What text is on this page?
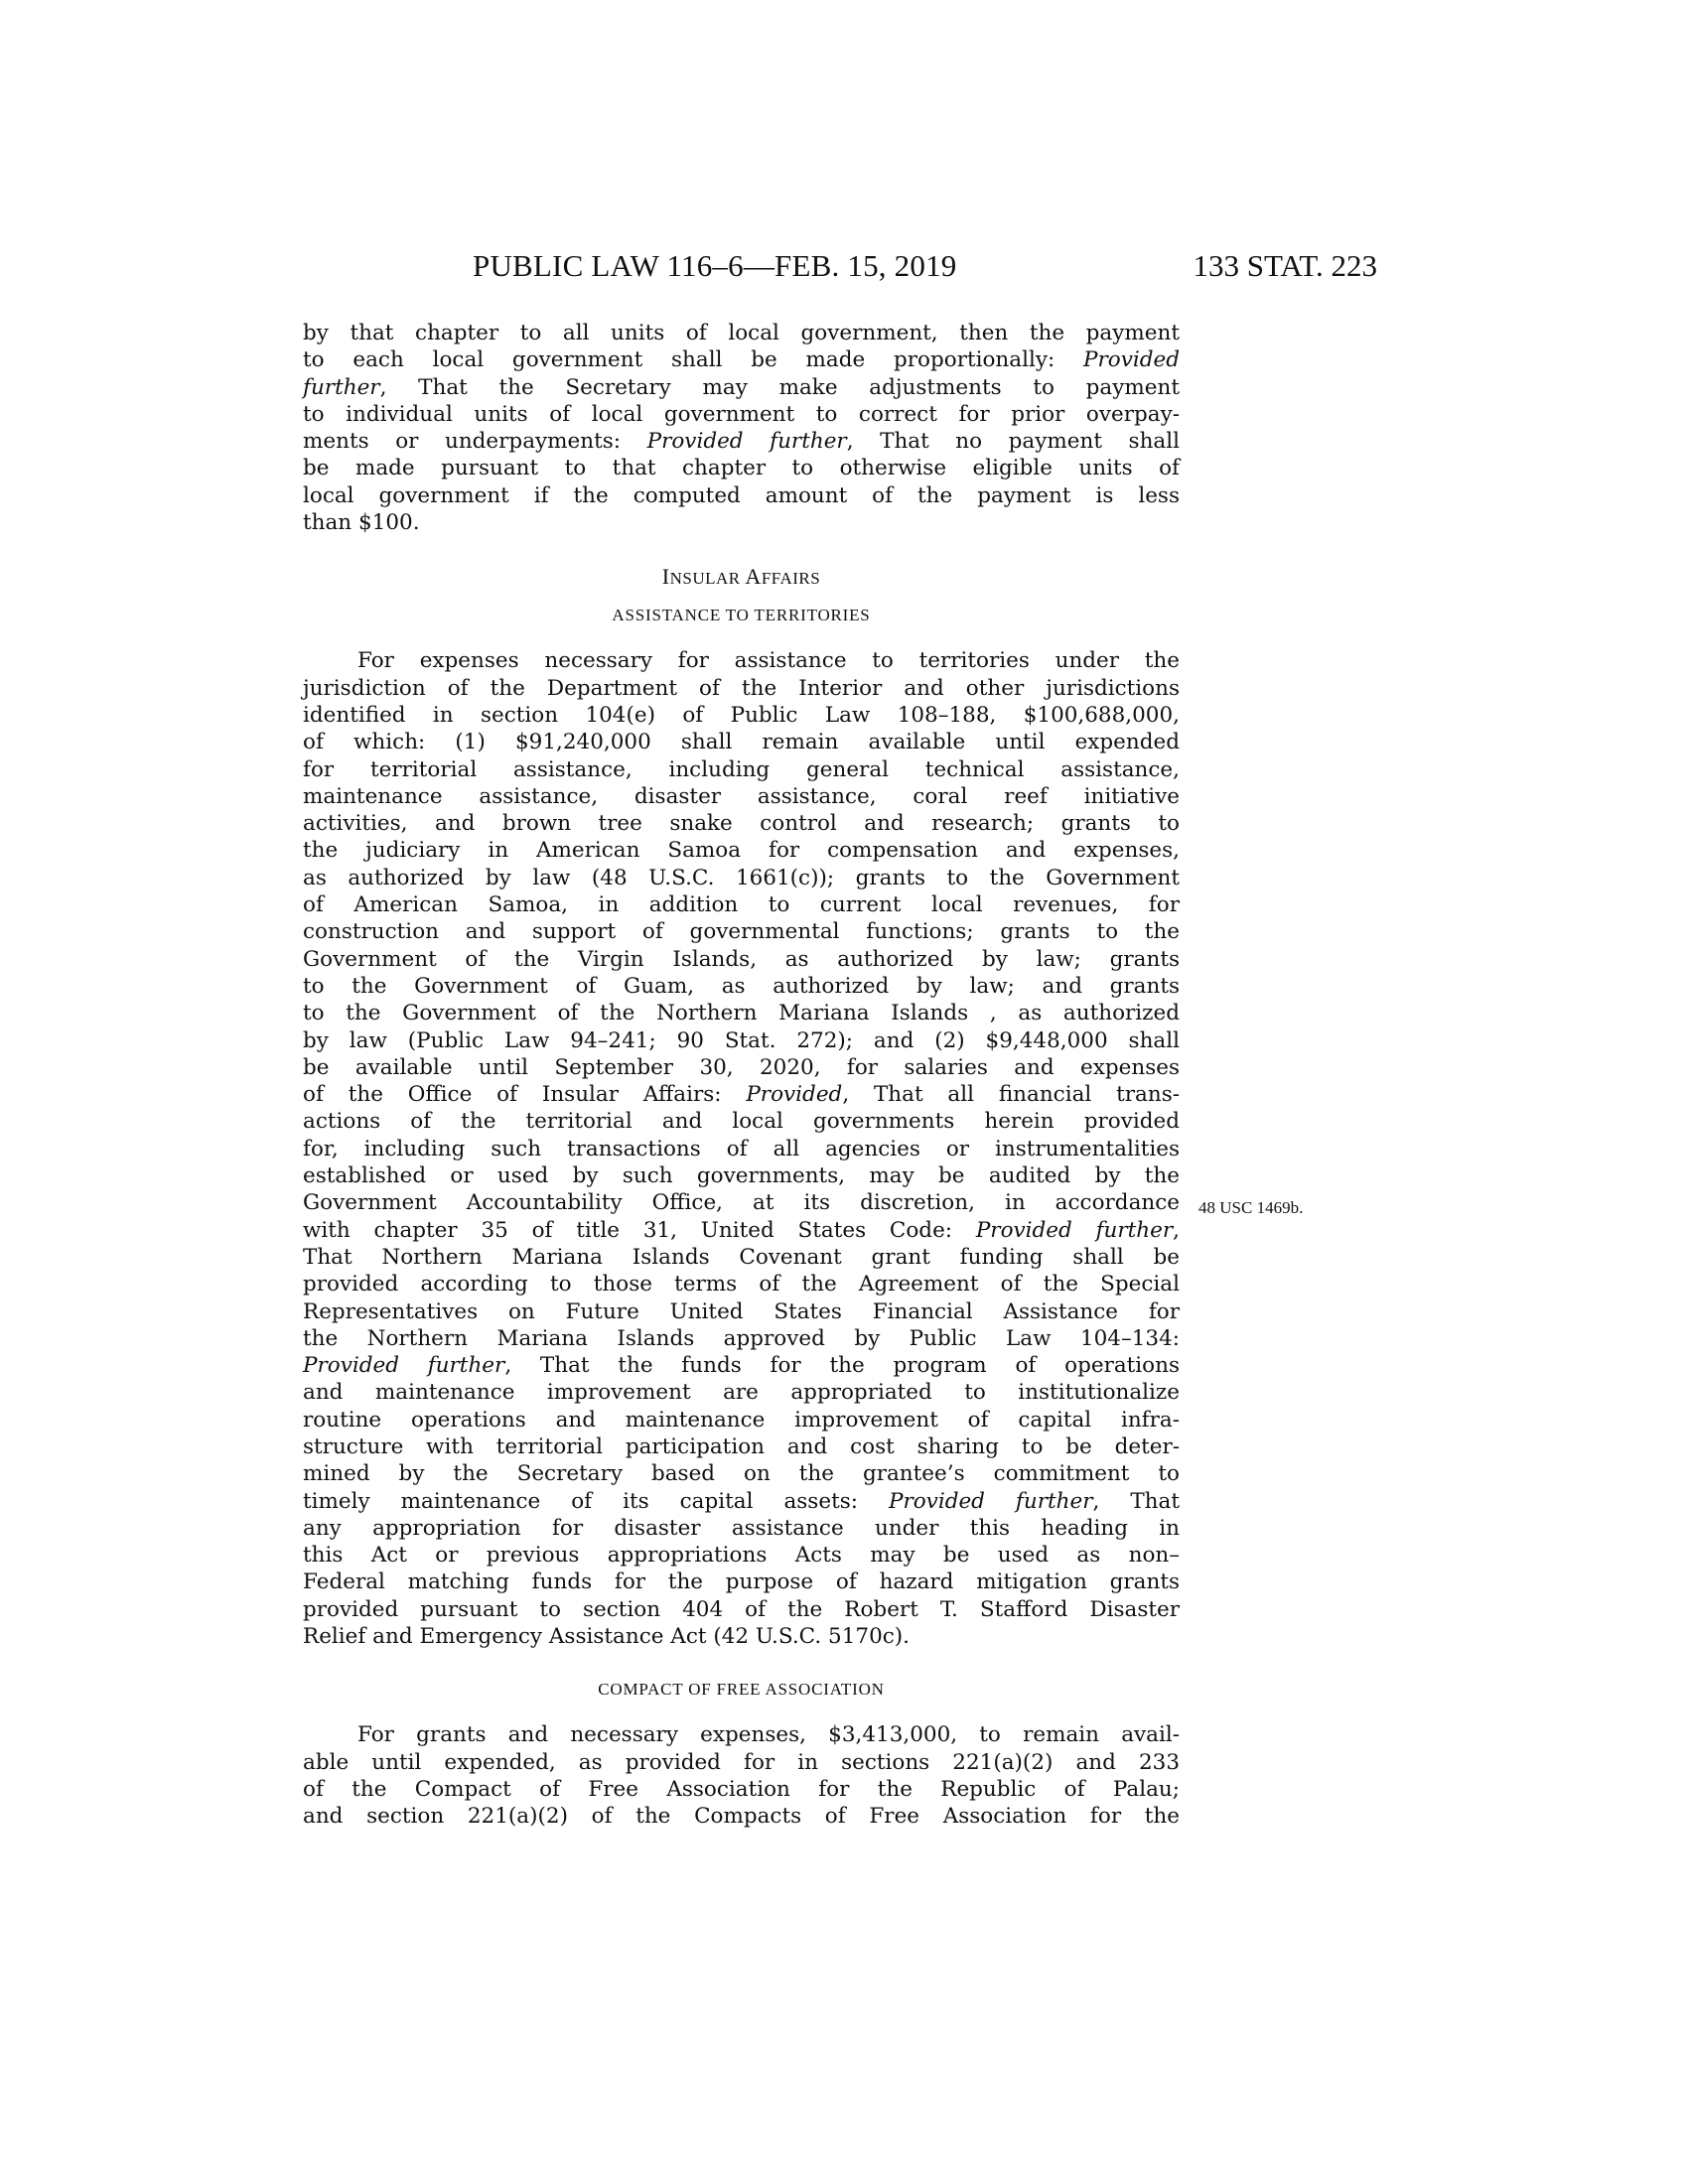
PUBLIC LAW 116–6—FEB. 15, 2019	133 STAT. 223
48 USC 1469b.
by that chapter to all units of local government, then the payment
to each local government shall be made proportionally: Provided
further, That the Secretary may make adjustments to payment
to individual units of local government to correct for prior overpay-
ments or underpayments: Provided further, That no payment shall
be made pursuant to that chapter to otherwise eligible units of
local government if the computed amount of the payment is less
than $100.
INSULAR AFFAIRS
ASSISTANCE TO TERRITORIES
For expenses necessary for assistance to territories under the
jurisdiction of the Department of the Interior and other jurisdictions
identified in section 104(e) of Public Law 108–188, $100,688,000,
of which: (1) $91,240,000 shall remain available until expended
for territorial assistance, including general technical assistance,
maintenance assistance, disaster assistance, coral reef initiative
activities, and brown tree snake control and research; grants to
the judiciary in American Samoa for compensation and expenses,
as authorized by law (48 U.S.C. 1661(c)); grants to the Government
of American Samoa, in addition to current local revenues, for
construction and support of governmental functions; grants to the
Government of the Virgin Islands, as authorized by law; grants
to the Government of Guam, as authorized by law; and grants
to the Government of the Northern Mariana Islands , as authorized
by law (Public Law 94–241; 90 Stat. 272); and (2) $9,448,000 shall
be available until September 30, 2020, for salaries and expenses
of the Office of Insular Affairs: Provided, That all financial trans-
actions of the territorial and local governments herein provided
for, including such transactions of all agencies or instrumentalities
established or used by such governments, may be audited by the
Government Accountability Office, at its discretion, in accordance
with chapter 35 of title 31, United States Code: Provided further,
That Northern Mariana Islands Covenant grant funding shall be
provided according to those terms of the Agreement of the Special
Representatives on Future United States Financial Assistance for
the Northern Mariana Islands approved by Public Law 104–134:
Provided further, That the funds for the program of operations
and maintenance improvement are appropriated to institutionalize
routine operations and maintenance improvement of capital infra-
structure with territorial participation and cost sharing to be deter-
mined by the Secretary based on the grantee’s commitment to
timely maintenance of its capital assets: Provided further, That
any appropriation for disaster assistance under this heading in
this Act or previous appropriations Acts may be used as non–
Federal matching funds for the purpose of hazard mitigation grants
provided pursuant to section 404 of the Robert T. Stafford Disaster
Relief and Emergency Assistance Act (42 U.S.C. 5170c).
COMPACT OF FREE ASSOCIATION
For grants and necessary expenses, $3,413,000, to remain avail-
able until expended, as provided for in sections 221(a)(2) and 233
of the Compact of Free Association for the Republic of Palau;
and section 221(a)(2) of the Compacts of Free Association for the
